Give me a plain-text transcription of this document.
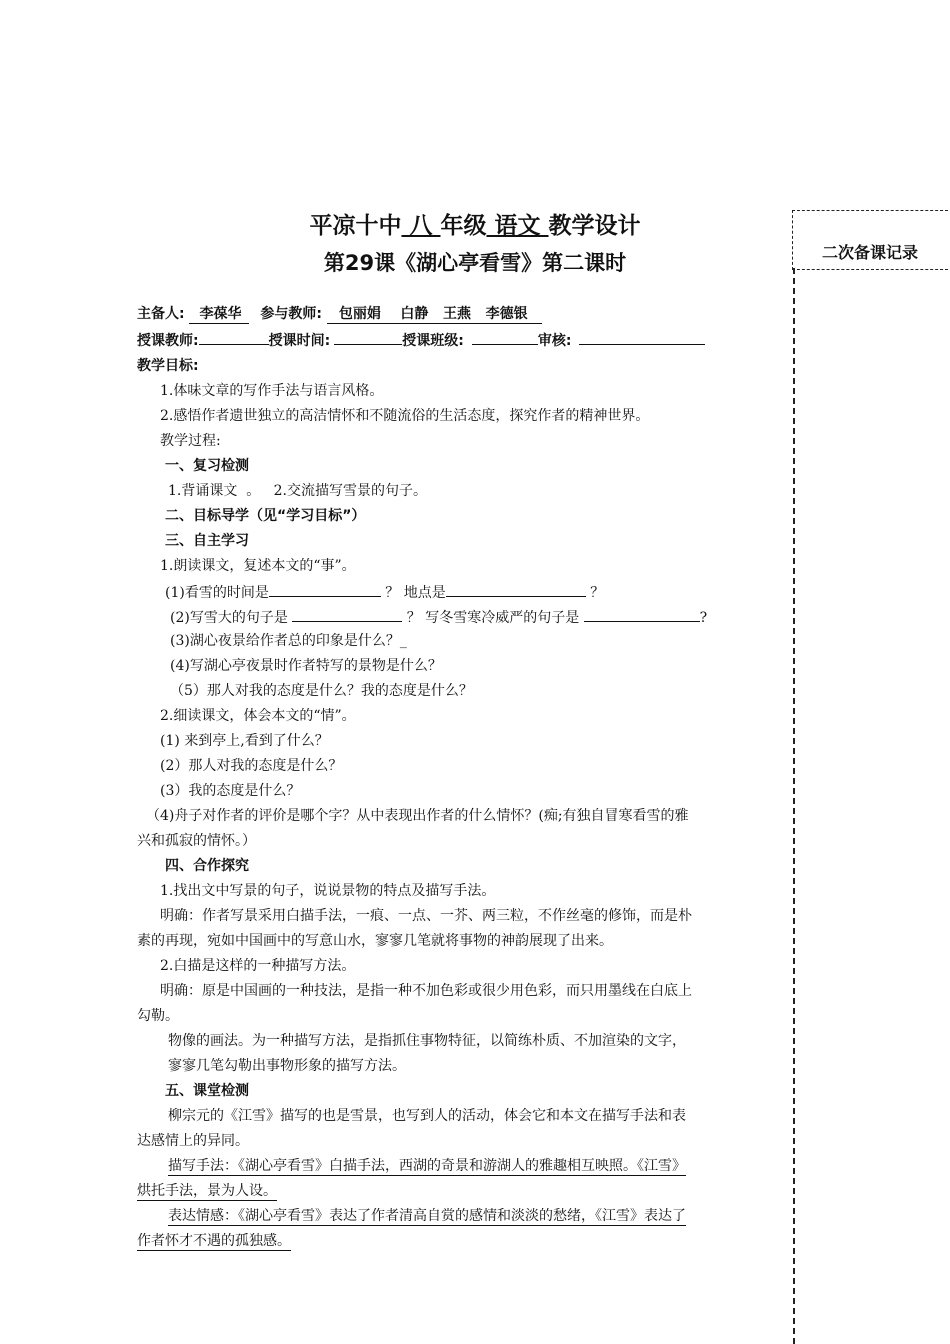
二次备课记录
平凉十中 八 年级 语文 教学设计
第29课《湖心亭看雪》第二课时
主备人: 李葆华 参与教师: 包丽娟    白静   王燕   李德银
授课教师:	授课时间:	授课班级:	审核:
教学目标:
1.体味文章的写作手法与语言风格。
2.感悟作者遗世独立的高洁情怀和不随流俗的生活态度，探究作者的精神世界。
教学过程:
一、复习检测
1.背诵课文  。   2.交流描写雪景的句子。
二、目标导学（见“学习目标”）
三、自主学习
1.朗读课文，复述本文的“事”。
(1)看雪的时间是	？ 地点是	？
(2)写雪大的句子是	？ 写冬雪寒冷威严的句子是	?
(3)湖心夜景给作者总的印象是什么？_
(4)写湖心亭夜景时作者特写的景物是什么？
（5）那人对我的态度是什么？我的态度是什么？
2.细读课文，体会本文的“情”。
(1) 来到亭上,看到了什么？
(2）那人对我的态度是什么？
(3）我的态度是什么？
（4)舟子对作者的评价是哪个字？从中表现出作者的什么情怀？(痴;有独自冒寒看雪的雅
兴和孤寂的情怀。）
四、合作探究
1.找出文中写景的句子，说说景物的特点及描写手法。
明确：作者写景采用白描手法，一痕、一点、一芥、两三粒，不作丝毫的修饰，而是朴
素的再现，宛如中国画中的写意山水，寥寥几笔就将事物的神韵展现了出来。
2.白描是这样的一种描写方法。
明确：原是中国画的一种技法，是指一种不加色彩或很少用色彩，而只用墨线在白底上
勾勒。
物像的画法。为一种描写方法，是指抓住事物特征，以简练朴质、不加渲染的文字，
寥寥几笔勾勒出事物形象的描写方法。
五、课堂检测
柳宗元的《江雪》描写的也是雪景，也写到人的活动，体会它和本文在描写手法和表
达感情上的异同。
描写手法：《湖心亭看雪》白描手法，西湖的奇景和游湖人的雅趣相互映照。《江雪》
烘托手法，景为人设。
表达情感：《湖心亭看雪》表达了作者清高自赏的感情和淡淡的愁绪，《江雪》表达了
作者怀才不遇的孤独感。
